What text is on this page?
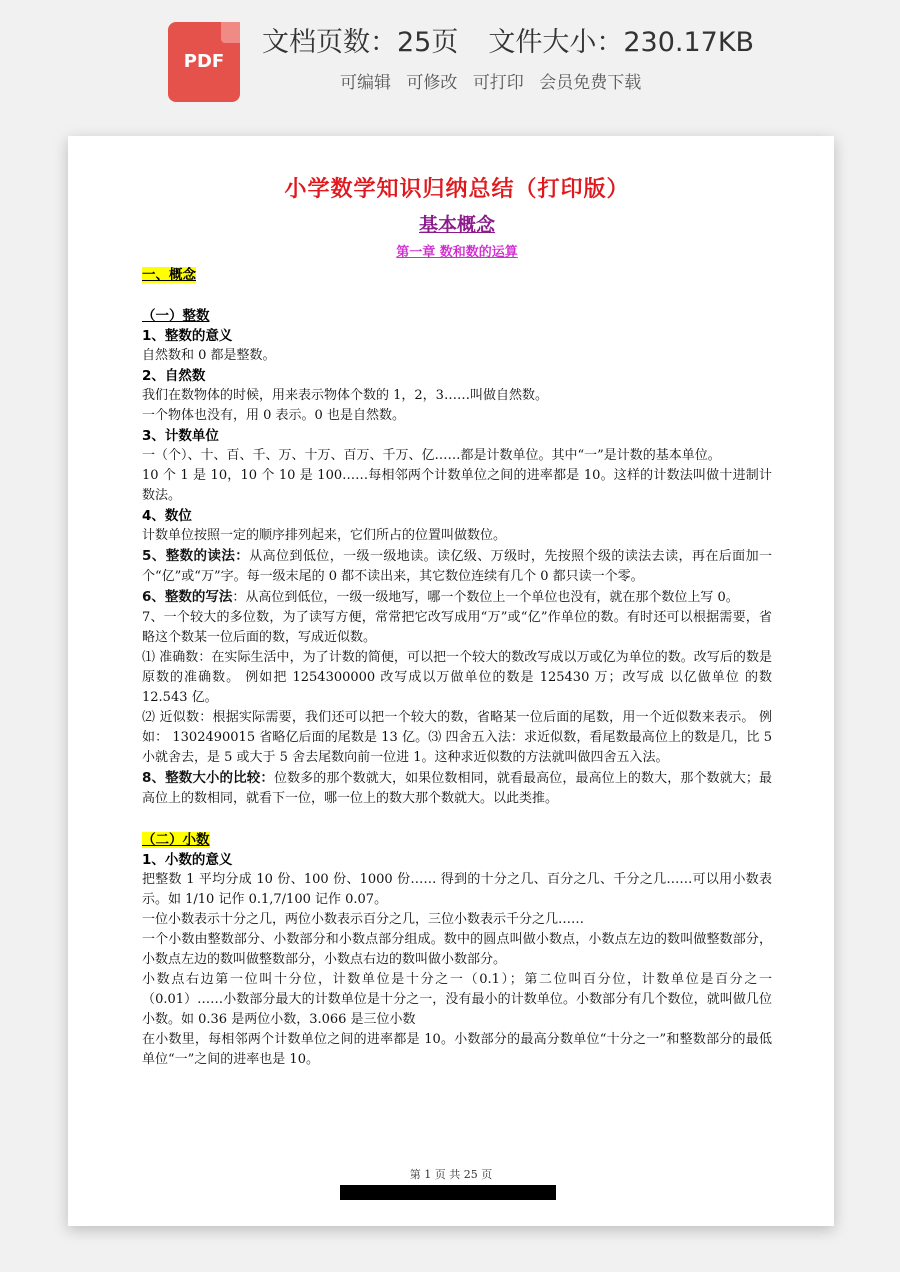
PDF
文档页数：25页 文件大小：230.17KB
可编辑 可修改 可打印 会员免费下载

小学数学知识归纳总结（打印版）

基本概念

第一章 数和数的运算

一、概念

（一）整数

1、整数的意义

自然数和 0 都是整数。

2、自然数

我们在数物体的时候，用来表示物体个数的 1，2，3……叫做自然数。

一个物体也没有，用 0 表示。0 也是自然数。

3、计数单位

一（个）、十、百、千、万、十万、百万、千万、亿……都是计数单位。其中“一”是计数的基本单位。

10 个 1 是 10，10 个 10 是 100……每相邻两个计数单位之间的进率都是 10。这样的计数法叫做十进制计数法。

4、数位

计数单位按照一定的顺序排列起来，它们所占的位置叫做数位。

5、整数的读法：从高位到低位，一级一级地读。读亿级、万级时，先按照个级的读法去读，再在后面加一个“亿”或“万”字。每一级末尾的 0 都不读出来，其它数位连续有几个 0 都只读一个零。

6、整数的写法：从高位到低位，一级一级地写，哪一个数位上一个单位也没有，就在那个数位上写 0。

7、一个较大的多位数，为了读写方便，常常把它改写成用“万”或“亿”作单位的数。有时还可以根据需要，省略这个数某一位后面的数，写成近似数。

⑴ 准确数：在实际生活中，为了计数的简便，可以把一个较大的数改写成以万或亿为单位的数。改写后的数是原数的准确数。 例如把 1254300000 改写成以万做单位的数是 125430 万；改写成 以亿做单位 的数 12.543 亿。

⑵ 近似数：根据实际需要，我们还可以把一个较大的数，省略某一位后面的尾数，用一个近似数来表示。 例如： 1302490015 省略亿后面的尾数是 13 亿。⑶ 四舍五入法：求近似数，看尾数最高位上的数是几，比 5 小就舍去，是 5 或大于 5 舍去尾数向前一位进 1。这种求近似数的方法就叫做四舍五入法。

8、整数大小的比较：位数多的那个数就大，如果位数相同，就看最高位，最高位上的数大，那个数就大；最高位上的数相同，就看下一位，哪一位上的数大那个数就大。以此类推。

（二）小数

1、小数的意义

把整数 1 平均分成 10 份、100 份、1000 份…… 得到的十分之几、百分之几、千分之几……可以用小数表示。如 1/10 记作 0.1,7/100 记作 0.07。

一位小数表示十分之几，两位小数表示百分之几，三位小数表示千分之几……

一个小数由整数部分、小数部分和小数点部分组成。数中的圆点叫做小数点，小数点左边的数叫做整数部分，小数点左边的数叫做整数部分，小数点右边的数叫做小数部分。

小数点右边第一位叫十分位，计数单位是十分之一（0.1）；第二位叫百分位，计数单位是百分之一（0.01）……小数部分最大的计数单位是十分之一，没有最小的计数单位。小数部分有几个数位，就叫做几位小数。如 0.36 是两位小数，3.066 是三位小数

在小数里，每相邻两个计数单位之间的进率都是 10。小数部分的最高分数单位“十分之一”和整数部分的最低单位“一”之间的进率也是 10。

第 1 页 共 25 页
